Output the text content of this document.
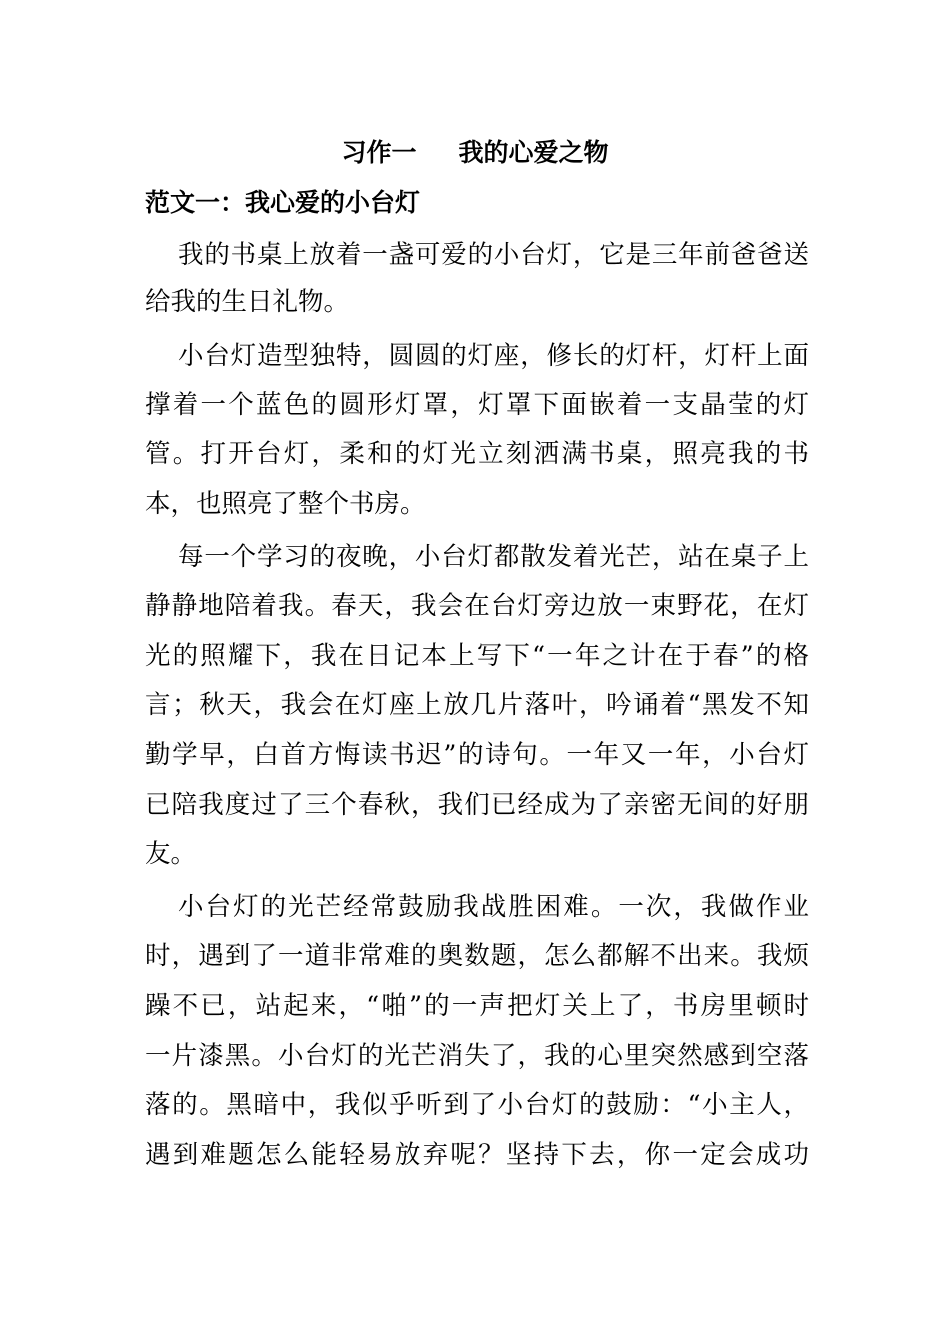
习作一 我的心爱之物
范文一：我心爱的小台灯
我的书桌上放着一盏可爱的小台灯，它是三年前爸爸送
给我的生日礼物。
小台灯造型独特，圆圆的灯座，修长的灯杆，灯杆上面
撑着一个蓝色的圆形灯罩，灯罩下面嵌着一支晶莹的灯
管。打开台灯，柔和的灯光立刻洒满书桌，照亮我的书
本，也照亮了整个书房。
每一个学习的夜晚，小台灯都散发着光芒，站在桌子上
静静地陪着我。春天，我会在台灯旁边放一束野花，在灯
光的照耀下，我在日记本上写下“一年之计在于春”的格
言；秋天，我会在灯座上放几片落叶，吟诵着“黑发不知
勤学早，白首方悔读书迟”的诗句。一年又一年，小台灯
已陪我度过了三个春秋，我们已经成为了亲密无间的好朋
友。
小台灯的光芒经常鼓励我战胜困难。一次，我做作业
时，遇到了一道非常难的奥数题，怎么都解不出来。我烦
躁不已，站起来，“啪”的一声把灯关上了，书房里顿时
一片漆黑。小台灯的光芒消失了，我的心里突然感到空落
落的。黑暗中，我似乎听到了小台灯的鼓励：“小主人，
遇到难题怎么能轻易放弃呢？坚持下去，你一定会成功
